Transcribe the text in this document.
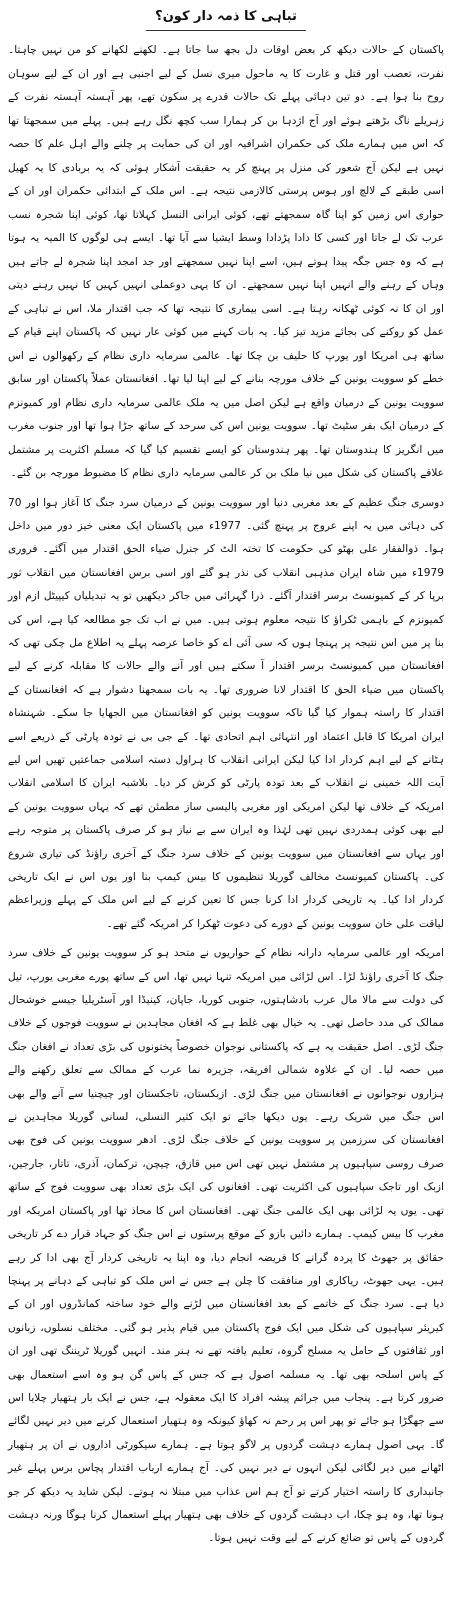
تباہی کا ذمہ دار کون؟

پاکستان کے حالات دیکھ کر بعض اوقات دل بجھ سا جاتا ہے۔ لکھنے لکھانے کو من نہیں چاہتا۔ نفرت، تعصب اور قتل و غارت کا یہ ماحول میری نسل کے لیے اجنبی ہے اور ان کے لیے سوہان روح بنا ہوا ہے۔ دو تین دہائی پہلے تک حالات قدرے پر سکون تھے، پھر آہستہ آہستہ نفرت کے زہریلے ناگ بڑھتے ہوئے اور آج اژدہا بن کر ہمارا سب کچھ نگل رہے ہیں۔ پہلے میں سمجھتا تھا کہ اس میں ہمارے ملک کی حکمران اشرافیہ اور ان کی حمایت پر چلنے والے اہل علم کا حصہ نہیں ہے لیکن آج شعور کی منزل پر پہنچ کر یہ حقیقت آشکار ہوئی کہ یہ بربادی کا یہ کھیل اسی طبقے کے لالچ اور ہوس پرستی کالازمی نتیجہ ہے۔ اس ملک کے ابتدائی حکمران اور ان کے حواری اس زمین کو اپنا گاہ سمجھتے تھے، کوئی ایرانی النسل کہلاتا تھا، کوئی اپنا شجرہ نسب عرب تک لے جاتا اور کسی کا دادا پڑدادا وسط ایشیا سے آیا تھا۔ ایسے ہی لوگوں کا المیہ یہ ہوتا ہے کہ وہ جس جگہ پیدا ہوتے ہیں، اسے اپنا نہیں سمجھتے اور جد امجد اپنا شجرہ لے جاتے ہیں وہاں کے رہنے والے انہیں اپنا نہیں سمجھتے۔ ان کا یہی دوعملی انہیں کہیں کا نہیں رہنے دیتی اور ان کا نہ کوئی ٹھکانہ رہتا ہے۔ اسی بیماری کا نتیجہ تھا کہ جب اقتدار ملا، اس نے تباہی کے عمل کو روکنے کی بجائے مزید تیز کیا۔ یہ بات کہنے میں کوئی عار نہیں کہ پاکستان اپنے قیام کے ساتھ ہی امریکا اور یورپ کا حلیف بن چکا تھا۔ عالمی سرمایہ داری نظام کے رکھوالوں نے اس خطے کو سوویت یونین کے خلاف مورچہ بنانے کے لیے اپنا لیا تھا۔ افغانستان عملاً پاکستان اور سابق سوویت یونین کے درمیان واقع ہے لیکن اصل میں یہ ملک عالمی سرمایہ داری نظام اور کمیونزم کے درمیان ایک بفر سٹیٹ تھا۔ سوویت یونین اس کی سرحد کے ساتھ جڑا ہوا تھا اور جنوب مغرب میں انگریز کا ہندوستان تھا۔ پھر ہندوستان کو ایسے تقسیم کیا گیا کہ مسلم اکثریت پر مشتمل علاقے پاکستان کی شکل میں نیا ملک بن کر عالمی سرمایہ داری نظام کا مضبوط مورچہ بن گئے۔

دوسری جنگ عظیم کے بعد مغربی دنیا اور سوویت یونین کے درمیان سرد جنگ کا آغاز ہوا اور 70 کی دہائی میں یہ اپنے عروج پر پہنچ گئی۔ 1977ء میں پاکستان ایک معنی خیز دور میں داخل ہوا۔ ذوالفقار علی بھٹو کی حکومت کا تختہ الٹ کر جنرل ضیاء الحق اقتدار میں آگئے۔ فروری 1979ء میں شاہ ایران مذہبی انقلاب کی نذر ہو گئے اور اسی برس افغانستان میں انقلاب ثور برپا کر کے کمیونسٹ برسر اقتدار آگئے۔ ذرا گہرائی میں جاکر دیکھیں تو یہ تبدیلیاں کیپیٹل ازم اور کمیونزم کے باہمی ٹکراؤ کا نتیجہ معلوم ہوتی ہیں۔ میں نے اب تک جو مطالعہ کیا ہے، اس کی بنا پر میں اس نتیجہ پر پہنچا ہوں کہ سی آئی اے کو خاصا عرصہ پہلے یہ اطلاع مل چکی تھی کہ افغانستان میں کمیونسٹ برسر اقتدار آ سکتے ہیں اور آنے والے حالات کا مقابلہ کرنے کے لیے پاکستان میں ضیاء الحق کا اقتدار لانا ضروری تھا۔ یہ بات سمجھنا دشوار ہے کہ افغانستان کے اقتدار کا راستہ ہموار کیا گیا تاکہ سوویت یونین کو افغانستان میں الجھایا جا سکے۔ شہنشاہ ایران امریکا کا قابل اعتماد اور انتہائی اہم اتحادی تھا۔ کے جی بی نے تودہ پارٹی کے ذریعے اسے ہٹانے کے لیے اہم کردار ادا کیا لیکن ایرانی انقلاب کا ہراول دستہ اسلامی جماعتیں تھیں اس لیے آیت اللہ خمینی نے انقلاب کے بعد تودہ پارٹی کو کرش کر دیا۔ بلاشبہ ایران کا اسلامی انقلاب امریکہ کے خلاف تھا لیکن امریکی اور مغربی پالیسی ساز مطمئن تھے کہ یہاں سوویت یونین کے لیے بھی کوئی ہمدردی نہیں تھی لہٰذا وہ ایران سے بے نیاز ہو کر صرف پاکستان پر متوجہ رہے اور یہاں سے افغانستان میں سوویت یونین کے خلاف سرد جنگ کے آخری راؤنڈ کی تیاری شروع کی۔ پاکستان کمیونسٹ مخالف گوریلا تنظیموں کا بیس کیمپ بنا اور یوں اس نے ایک تاریخی کردار ادا کیا۔ یہ تاریخی کردار ادا کرنا جس کا تعین کرنے کے لیے اس ملک کے پہلے وزیراعظم لیاقت علی خان سوویت یونین کے دورے کی دعوت ٹھکرا کر امریکہ گئے تھے۔

امریکہ اور عالمی سرمایہ دارانہ نظام کے حواریوں نے متحد ہو کر سوویت یونین کے خلاف سرد جنگ کا آخری راؤنڈ لڑا۔ اس لڑائی میں امریکہ تنہا نہیں تھا، اس کے ساتھ پورے مغربی یورپ، تیل کی دولت سے مالا مال عرب بادشاہتوں، جنوبی کوریا، جاپان، کینیڈا اور آسٹریلیا جیسے خوشحال ممالک کی مدد حاصل تھی۔ یہ خیال بھی غلط ہے کہ افغان مجاہدین نے سوویت فوجوں کے خلاف جنگ لڑی۔ اصل حقیقت یہ ہے کہ پاکستانی نوجوان خصوصاً پختونوں کی بڑی تعداد نے افغان جنگ میں حصہ لیا۔ ان کے علاوہ شمالی افریقہ، جزیرہ نما عرب کے ممالک سے تعلق رکھنے والے ہزاروں نوجوانوں نے افغانستان میں جنگ لڑی۔ ازبکستان، تاجکستان اور چیچنیا سے آنے والے بھی اس جنگ میں شریک رہے۔ یوں دیکھا جائے تو ایک کثیر النسلی، لسانی گوریلا مجاہدین نے افغانستان کی سرزمین پر سوویت یونین کے خلاف جنگ لڑی۔ ادھر سوویت یونین کی فوج بھی صرف روسی سپاہیوں پر مشتمل نہیں تھی اس میں قازق، چیچن، ترکمان، آذری، تاتار، جارجین، ازبک اور تاجک سپاہیوں کی اکثریت تھی۔ افغانوں کی ایک بڑی تعداد بھی سوویت فوج کے ساتھ تھی۔ یوں یہ لڑائی بھی ایک عالمی جنگ تھی۔ افغانستان اس کا محاذ تھا اور پاکستان امریکہ اور مغرب کا بیس کیمپ۔ ہمارے دائیں بازو کے موقع پرستوں نے اس جنگ کو جہاد قرار دے کر تاریخی حقائق پر جھوٹ کا پردہ گرانے کا فریضہ انجام دیا، وہ اپنا یہ تاریخی کردار آج بھی ادا کر رہے ہیں۔ یہی جھوٹ، ریاکاری اور منافقت کا چلن ہے جس نے اس ملک کو تباہی کے دہانے پر پہنچا دیا ہے۔ سرد جنگ کے خاتمے کے بعد افغانستان میں لڑنے والے خود ساختہ کمانڈروں اور ان کے کیریئر سپاہیوں کی شکل میں ایک فوج پاکستان میں قیام پذیر ہو گئی۔ مختلف نسلوں، زبانوں اور ثقافتوں کے حامل یہ مسلح گروہ، تعلیم یافتہ تھے نہ ہنر مند۔ انہیں گوریلا ٹریننگ تھی اور ان کے پاس اسلحہ بھی تھا۔ یہ مسلمہ اصول ہے کہ جس کے پاس گن ہو وہ اسے استعمال بھی ضرور کرتا ہے۔ پنجاب میں جرائم پیشہ افراد کا ایک معقولہ ہے، جس نے ایک بار ہتھیار چلایا اس سے جھگڑا ہو جائے تو پھر اس پر رحم نہ کھاؤ کیونکہ وہ ہتھیار استعمال کرنے میں دیر نہیں لگائے گا۔ یہی اصول ہمارے دہشت گردوں پر لاگو ہوتا ہے۔ ہمارے سیکورٹی اداروں نے ان پر ہتھیار اٹھانے میں دیر لگائی لیکن انہوں نے دیر نہیں کی۔ آج ہمارے ارباب اقتدار پچاس برس پہلے غیر جانبداری کا راستہ اختیار کرتے تو آج ہم اس عذاب میں مبتلا نہ ہوتے۔ لیکن شاید یہ دیکھ کر جو ہونا تھا، وہ ہو چکا، اب دہشت گردوں کے خلاف بھی ہتھیار پہلے استعمال کرنا ہوگا ورنہ دہشت گردوں کے پاس تو ضائع کرنے کے لیے وقت نہیں ہوتا۔
